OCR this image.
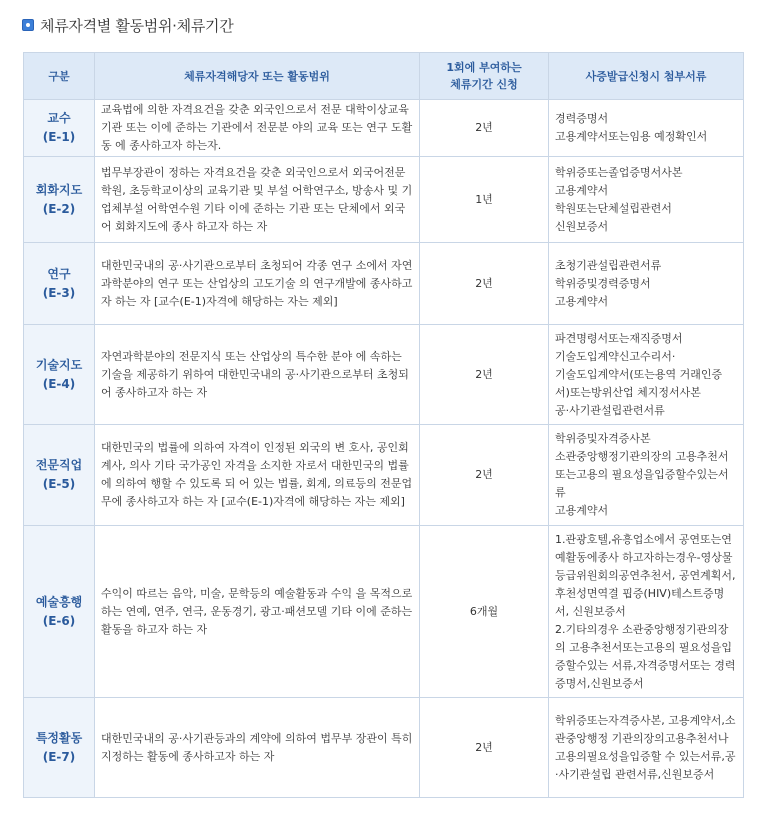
체류자격별 활동범위·체류기간
구분	체류자격해당자 또는 활동범위	1회에 부여하는
체류기간 신청	사증발급신청시 첨부서류
교수
(E-1)	교육법에 의한 자격요건을 갖춘 외국인으로서 전문 대학이상교육기관 또는 이에 준하는 기관에서 전문분 야의 교육 또는 연구 도활동 에 종사하고자 하는자.	2년	경력증명서
고용계약서또는임용 예정확인서

회화지도
(E-2)	법무부장관이 정하는 자격요건을 갖춘 외국인으로서 외국어전문학원, 초등학교이상의 교육기관 및 부설 어학연구소, 방송사 및 기업체부설 어학연수원 기타 이에 준하는 기관 또는 단체에서 외국어 회화지도에 종사 하고자 하는 자	1년	학위증또는졸업증명서사본
고용계약서
학원또는단체설립관련서
신원보증서

연구
(E-3)	대한민국내의 공·사기관으로부터 초청되어 각종 연구 소에서 자연과학분야의 연구 또는 산업상의 고도기술 의 연구개발에 종사하고자 하는 자 [교수(E-1)자격에 해당하는 자는 제외]	2년	초청기관설립관련서류
학위증및경력증명서
고용계약서

기술지도
(E-4)	자연과학분야의 전문지식 또는 산업상의 특수한 분야 에 속하는 기술을 제공하기 위하여 대한민국내의 공·사기관으로부터 초청되어 종사하고자 하는 자	2년	파견명령서또는재직증명서
기술도입계약신고수리서·
기술도입계약서(또는용역 거래인증서)또는방위산업 체지정서사본
공·사기관설립관련서류

전문직업
(E-5)	대한민국의 법률에 의하여 자격이 인정된 외국의 변 호사, 공인회계사, 의사 기타 국가공인 자격을 소지한 자로서 대한민국의 법률에 의하여 행할 수 있도록 되 어 있는 법률, 회계, 의료등의 전문업무에 종사하고자 하는 자 [교수(E-1)자격에 해당하는 자는 제외]	2년	학위증및자격증사본
소관중앙행정기관의장의 고용추천서또는고용의 필요성을입증할수있는서류
고용계약서

예술흥행
(E-6)	수익이 따르는 음악, 미술, 문학등의 예술활동과 수익 을 목적으로 하는 연예, 연주, 연극, 운동경기, 광고·패션모델 기타 이에 준하는 활동을 하고자 하는 자	6개월	1.관광호텔,유흥업소에서 공연또는연예활동에종사 하고자하는경우-영상물 등급위원회의공연추천서, 공연계획서,후천성면역결 핍증(HIV)테스트증명서, 신원보증서
2.기타의경우 소관중앙행정기관의장의 고용추천서또는고용의 필요성을입증할수있는 서류,자격증명서또는 경력증명서,신원보증서

특정활동
(E-7)	대한민국내의 공·사기관등과의 계약에 의하여 법무부 장관이 특히 지정하는 활동에 종사하고자 하는 자	2년	학위증또는자격증사본, 고용계약서,소관중앙행정 기관의장의고용추천서나 고용의필요성을입증할 수 있는서류,공·사기관설립 관련서류,신원보증서
